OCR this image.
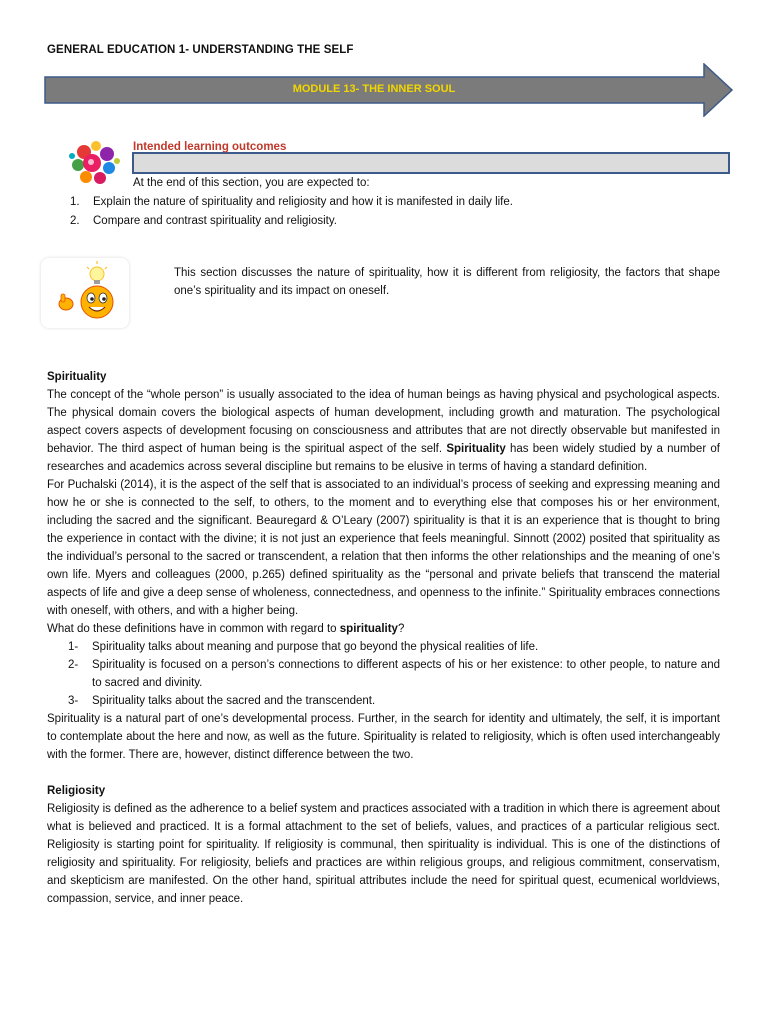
GENERAL EDUCATION 1- UNDERSTANDING THE SELF
MODULE 13- THE INNER SOUL
Intended learning outcomes
At the end of this section, you are expected to:
1. Explain the nature of spirituality and religiosity and how it is manifested in daily life.
2. Compare and contrast spirituality and religiosity.
This section discusses the nature of spirituality, how it is different from religiosity, the factors that shape one’s spirituality and its impact on oneself.

Spirituality

The concept of the “whole person” is usually associated to the idea of human beings as having physical and psychological aspects. The physical domain covers the biological aspects of human development, including growth and maturation. The psychological aspect covers aspects of development focusing on consciousness and attributes that are not directly observable but manifested in behavior. The third aspect of human being is the spiritual aspect of the self. Spirituality has been widely studied by a number of researches and academics across several discipline but remains to be elusive in terms of having a standard definition.

For Puchalski (2014), it is the aspect of the self that is associated to an individual’s process of seeking and expressing meaning and how he or she is connected to the self, to others, to the moment and to everything else that composes his or her environment, including the sacred and the significant. Beauregard & O’Leary (2007) spirituality is that it is an experience that is thought to bring the experience in contact with the divine; it is not just an experience that feels meaningful. Sinnott (2002) posited that spirituality as the individual’s personal to the sacred or transcendent, a relation that then informs the other relationships and the meaning of one’s own life. Myers and colleagues (2000, p.265) defined spirituality as the “personal and private beliefs that transcend the material aspects of life and give a deep sense of wholeness, connectedness, and openness to the infinite.” Spirituality embraces connections with oneself, with others, and with a higher being.

What do these definitions have in common with regard to spirituality?

1- Spirituality talks about meaning and purpose that go beyond the physical realities of life.
2- Spirituality is focused on a person’s connections to different aspects of his or her existence: to other people, to nature and to sacred and divinity.
3- Spirituality talks about the sacred and the transcendent.

Spirituality is a natural part of one’s developmental process. Further, in the search for identity and ultimately, the self, it is important to contemplate about the here and now, as well as the future. Spirituality is related to religiosity, which is often used interchangeably with the former. There are, however, distinct difference between the two.

Religiosity

Religiosity is defined as the adherence to a belief system and practices associated with a tradition in which there is agreement about what is believed and practiced. It is a formal attachment to the set of beliefs, values, and practices of a particular religious sect. Religiosity is starting point for spirituality. If religiosity is communal, then spirituality is individual. This is one of the distinctions of religiosity and spirituality. For religiosity, beliefs and practices are within religious groups, and religious commitment, conservatism, and skepticism are manifested. On the other hand, spiritual attributes include the need for spiritual quest, ecumenical worldviews, compassion, service, and inner peace.
